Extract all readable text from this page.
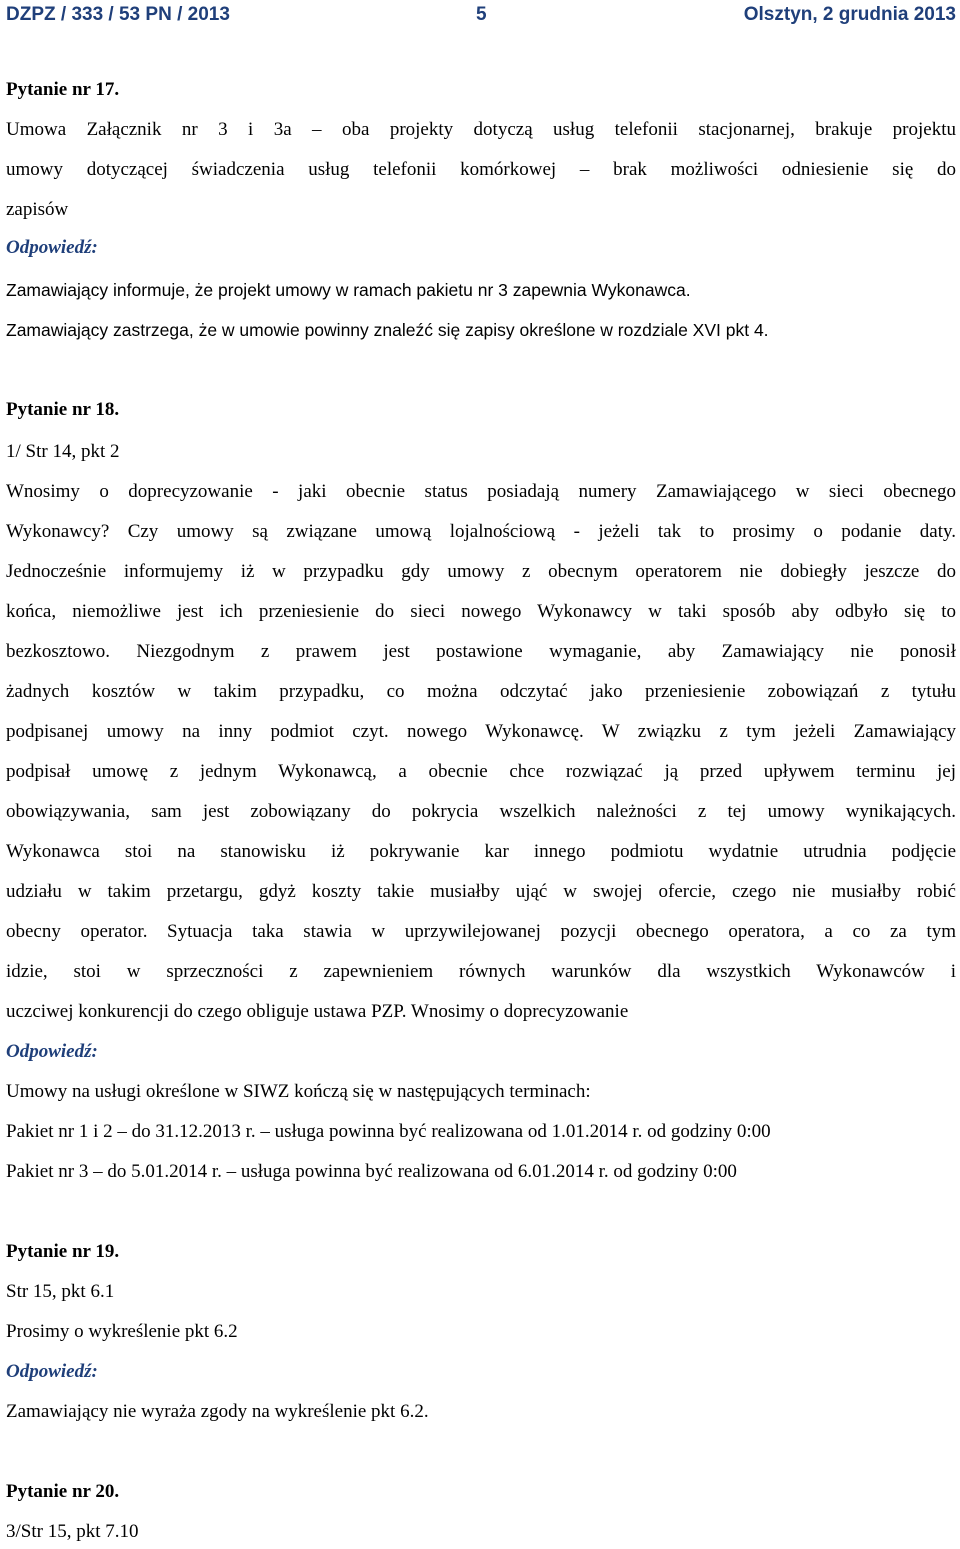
DZPZ / 333 / 53 PN / 2013	5	Olsztyn, 2 grudnia 2013
Pytanie nr 17.
Umowa Załącznik nr 3 i 3a – oba projekty dotyczą usług telefonii stacjonarnej, brakuje projektu
umowy dotyczącej świadczenia usług telefonii komórkowej – brak możliwości odniesienie się do
zapisów
Odpowiedź:
Zamawiający informuje, że projekt umowy w ramach pakietu nr 3 zapewnia Wykonawca.
Zamawiający zastrzega, że w umowie powinny znaleźć się zapisy określone w rozdziale XVI pkt 4.
Pytanie nr 18.
1/ Str 14, pkt 2
Wnosimy o doprecyzowanie - jaki obecnie status posiadają numery Zamawiającego w sieci obecnego
Wykonawcy? Czy umowy są związane umową lojalnościową - jeżeli tak to prosimy o podanie daty.
Jednocześnie informujemy iż w przypadku gdy umowy z obecnym operatorem nie dobiegły jeszcze do
końca, niemożliwe jest ich przeniesienie do sieci nowego Wykonawcy w taki sposób aby odbyło się to
bezkosztowo. Niezgodnym z prawem jest postawione wymaganie, aby Zamawiający nie ponosił
żadnych kosztów w takim przypadku, co można odczytać jako przeniesienie zobowiązań z tytułu
podpisanej umowy na inny podmiot czyt. nowego Wykonawcę. W związku z tym jeżeli Zamawiający
podpisał umowę z jednym Wykonawcą, a obecnie chce rozwiązać ją przed upływem terminu jej
obowiązywania, sam jest zobowiązany do pokrycia wszelkich należności z tej umowy wynikających.
Wykonawca stoi na stanowisku iż pokrywanie kar innego podmiotu wydatnie utrudnia podjęcie
udziału w takim przetargu, gdyż koszty takie musiałby ująć w swojej ofercie, czego nie musiałby robić
obecny operator. Sytuacja taka stawia w uprzywilejowanej pozycji obecnego operatora, a co za tym
idzie, stoi w sprzeczności z zapewnieniem równych warunków dla wszystkich Wykonawców i
uczciwej konkurencji do czego obliguje ustawa PZP. Wnosimy o doprecyzowanie
Odpowiedź:
Umowy na usługi określone w SIWZ kończą się w następujących terminach:
Pakiet nr 1 i 2 – do 31.12.2013 r. – usługa powinna być realizowana od 1.01.2014 r. od godziny 0:00
Pakiet nr 3 – do 5.01.2014 r. – usługa powinna być realizowana od 6.01.2014 r. od godziny 0:00
Pytanie nr 19.
Str 15, pkt 6.1
Prosimy o wykreślenie pkt 6.2
Odpowiedź:
Zamawiający nie wyraża zgody na wykreślenie pkt 6.2.
Pytanie nr 20.
3/Str 15, pkt 7.10
